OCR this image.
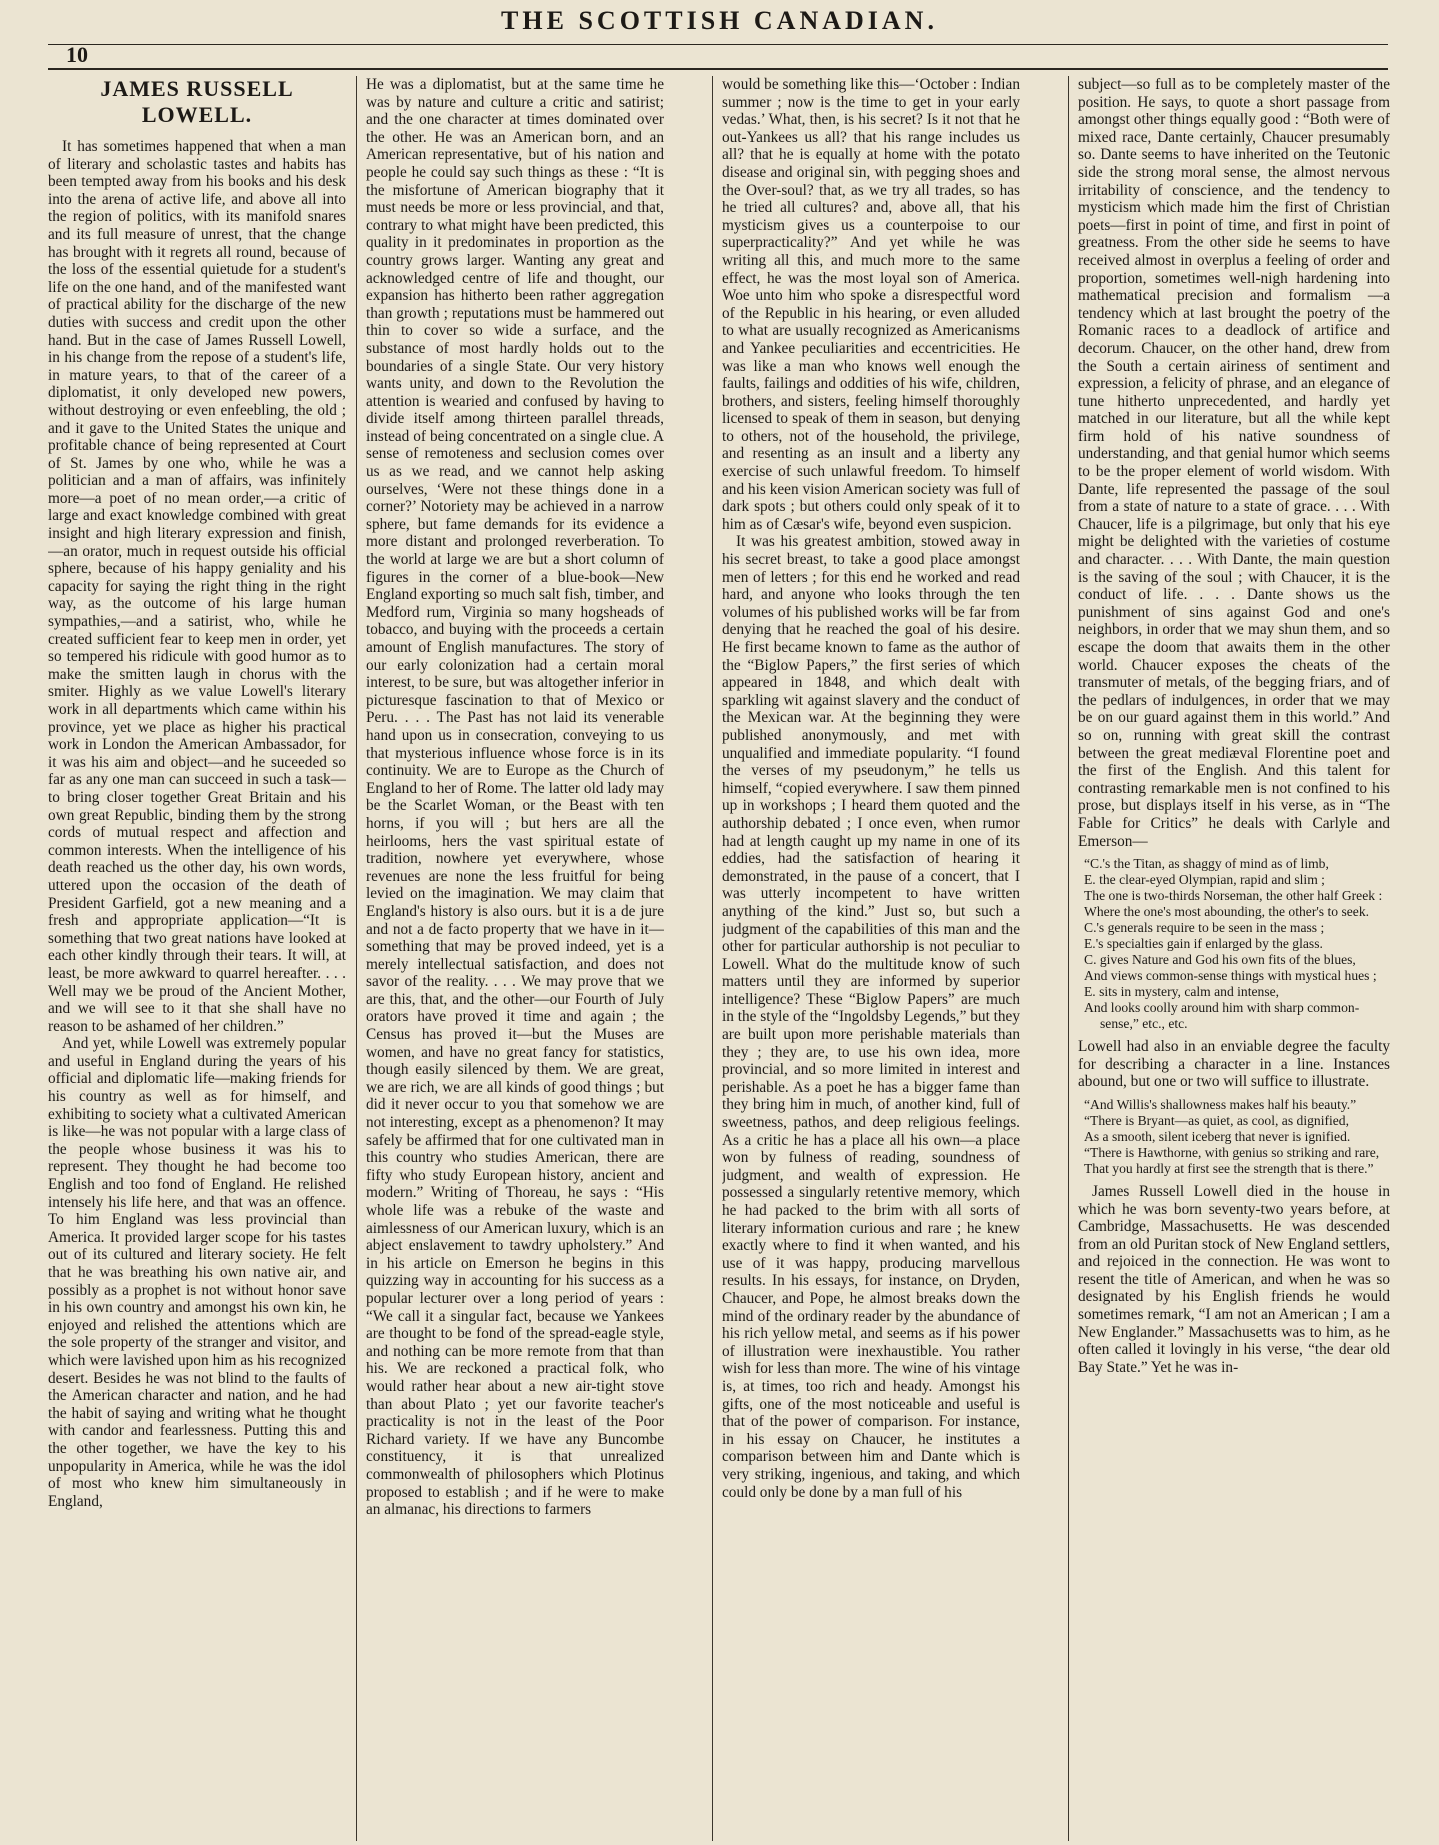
THE SCOTTISH CANADIAN.
10
JAMES RUSSELL LOWELL.

It has sometimes happened that when a man of literary and scholastic tastes and habits has been tempted away from his books and his desk into the arena of active life, and above all into the region of politics, with its manifold snares and its full measure of unrest, that the change has brought with it regrets all round, because of the loss of the essential quietude for a student's life on the one hand, and of the manifested want of practical ability for the discharge of the new duties with success and credit upon the other hand. But in the case of James Russell Lowell, in his change from the repose of a student's life, in mature years, to that of the career of a diplomatist, it only developed new powers, without destroying or even enfeebling, the old ; and it gave to the United States the unique and profitable chance of being represented at Court of St. James by one who, while he was a politician and a man of affairs, was infinitely more—a poet of no mean order,—a critic of large and exact knowledge combined with great insight and high literary expression and finish, —an orator, much in request outside his official sphere, because of his happy geniality and his capacity for saying the right thing in the right way, as the outcome of his large human sympathies,—and a satirist, who, while he created sufficient fear to keep men in order, yet so tempered his ridicule with good humor as to make the smitten laugh in chorus with the smiter. Highly as we value Lowell's literary work in all departments which came within his province, yet we place as higher his practical work in London the American Ambassador, for it was his aim and object—and he suceeded so far as any one man can succeed in such a task—to bring closer together Great Britain and his own great Republic, binding them by the strong cords of mutual respect and affection and common interests. When the intelligence of his death reached us the other day, his own words, uttered upon the occasion of the death of President Garfield, got a new meaning and a fresh and appropriate application—“It is something that two great nations have looked at each other kindly through their tears. It will, at least, be more awkward to quarrel hereafter. . . . Well may we be proud of the Ancient Mother, and we will see to it that she shall have no reason to be ashamed of her children.”

And yet, while Lowell was extremely popular and useful in England during the years of his official and diplomatic life—making friends for his country as well as for himself, and exhibiting to society what a cultivated American is like—he was not popular with a large class of the people whose business it was his to represent. They thought he had become too English and too fond of England. He relished intensely his life here, and that was an offence. To him England was less provincial than America. It provided larger scope for his tastes out of its cultured and literary society. He felt that he was breathing his own native air, and possibly as a prophet is not without honor save in his own country and amongst his own kin, he enjoyed and relished the attentions which are the sole property of the stranger and visitor, and which were lavished upon him as his recognized desert. Besides he was not blind to the faults of the American character and nation, and he had the habit of saying and writing what he thought with candor and fearlessness. Putting this and the other together, we have the key to his unpopularity in America, while he was the idol of most who knew him simultaneously in England,

He was a diplomatist, but at the same time he was by nature and culture a critic and satirist; and the one character at times dominated over the other. He was an American born, and an American representative, but of his nation and people he could say such things as these : “It is the misfortune of American biography that it must needs be more or less provincial, and that, contrary to what might have been predicted, this quality in it predominates in proportion as the country grows larger. Wanting any great and acknowledged centre of life and thought, our expansion has hitherto been rather aggregation than growth ; reputations must be hammered out thin to cover so wide a surface, and the substance of most hardly holds out to the boundaries of a single State. Our very history wants unity, and down to the Revolution the attention is wearied and confused by having to divide itself among thirteen parallel threads, instead of being concentrated on a single clue. A sense of remoteness and seclusion comes over us as we read, and we cannot help asking ourselves, ‘Were not these things done in a corner?’ Notoriety may be achieved in a narrow sphere, but fame demands for its evidence a more distant and prolonged reverberation. To the world at large we are but a short column of figures in the corner of a blue-book—New England exporting so much salt fish, timber, and Medford rum, Virginia so many hogsheads of tobacco, and buying with the proceeds a certain amount of English manufactures. The story of our early colonization had a certain moral interest, to be sure, but was altogether inferior in picturesque fascination to that of Mexico or Peru. . . . The Past has not laid its venerable hand upon us in consecration, conveying to us that mysterious influence whose force is in its continuity. We are to Europe as the Church of England to her of Rome. The latter old lady may be the Scarlet Woman, or the Beast with ten horns, if you will ; but hers are all the heirlooms, hers the vast spiritual estate of tradition, nowhere yet everywhere, whose revenues are none the less fruitful for being levied on the imagination. We may claim that England's history is also ours. but it is a de jure and not a de facto property that we have in it—something that may be proved indeed, yet is a merely intellectual satisfaction, and does not savor of the reality. . . . We may prove that we are this, that, and the other—our Fourth of July orators have proved it time and again ; the Census has proved it—but the Muses are women, and have no great fancy for statistics, though easily silenced by them. We are great, we are rich, we are all kinds of good things ; but did it never occur to you that somehow we are not interesting, except as a phenomenon? It may safely be affirmed that for one cultivated man in this country who studies American, there are fifty who study European history, ancient and modern.” Writing of Thoreau, he says : “His whole life was a rebuke of the waste and aimlessness of our American luxury, which is an abject enslavement to tawdry upholstery.” And in his article on Emerson he begins in this quizzing way in accounting for his success as a popular lecturer over a long period of years : “We call it a singular fact, because we Yankees are thought to be fond of the spread-eagle style, and nothing can be more remote from that than his. We are reckoned a practical folk, who would rather hear about a new air-tight stove than about Plato ; yet our favorite teacher's practicality is not in the least of the Poor Richard variety. If we have any Buncombe constituency, it is that unrealized commonwealth of philosophers which Plotinus proposed to establish ; and if he were to make an almanac, his directions to farmers

would be something like this—‘October : Indian summer ; now is the time to get in your early vedas.’ What, then, is his secret? Is it not that he out-Yankees us all? that his range includes us all? that he is equally at home with the potato disease and original sin, with pegging shoes and the Over-soul? that, as we try all trades, so has he tried all cultures? and, above all, that his mysticism gives us a counterpoise to our superpracticality?” And yet while he was writing all this, and much more to the same effect, he was the most loyal son of America. Woe unto him who spoke a disrespectful word of the Republic in his hearing, or even alluded to what are usually recognized as Americanisms and Yankee peculiarities and eccentricities. He was like a man who knows well enough the faults, failings and oddities of his wife, children, brothers, and sisters, feeling himself thoroughly licensed to speak of them in season, but denying to others, not of the household, the privilege, and resenting as an insult and a liberty any exercise of such unlawful freedom. To himself and his keen vision American society was full of dark spots ; but others could only speak of it to him as of Cæsar's wife, beyond even suspicion.

It was his greatest ambition, stowed away in his secret breast, to take a good place amongst men of letters ; for this end he worked and read hard, and anyone who looks through the ten volumes of his published works will be far from denying that he reached the goal of his desire. He first became known to fame as the author of the “Biglow Papers,” the first series of which appeared in 1848, and which dealt with sparkling wit against slavery and the conduct of the Mexican war. At the beginning they were published anonymously, and met with unqualified and immediate popularity. “I found the verses of my pseudonym,” he tells us himself, “copied everywhere. I saw them pinned up in workshops ; I heard them quoted and the authorship debated ; I once even, when rumor had at length caught up my name in one of its eddies, had the satisfaction of hearing it demonstrated, in the pause of a concert, that I was utterly incompetent to have written anything of the kind.” Just so, but such a judgment of the capabilities of this man and the other for particular authorship is not peculiar to Lowell. What do the multitude know of such matters until they are informed by superior intelligence? These “Biglow Papers” are much in the style of the “Ingoldsby Legends,” but they are built upon more perishable materials than they ; they are, to use his own idea, more provincial, and so more limited in interest and perishable. As a poet he has a bigger fame than they bring him in much, of another kind, full of sweetness, pathos, and deep religious feelings. As a critic he has a place all his own—a place won by fulness of reading, soundness of judgment, and wealth of expression. He possessed a singularly retentive memory, which he had packed to the brim with all sorts of literary information curious and rare ; he knew exactly where to find it when wanted, and his use of it was happy, producing marvellous results. In his essays, for instance, on Dryden, Chaucer, and Pope, he almost breaks down the mind of the ordinary reader by the abundance of his rich yellow metal, and seems as if his power of illustration were inexhaustible. You rather wish for less than more. The wine of his vintage is, at times, too rich and heady. Amongst his gifts, one of the most noticeable and useful is that of the power of comparison. For instance, in his essay on Chaucer, he institutes a comparison between him and Dante which is very striking, ingenious, and taking, and which could only be done by a man full of his

subject—so full as to be completely master of the position. He says, to quote a short passage from amongst other things equally good : “Both were of mixed race, Dante certainly, Chaucer presumably so. Dante seems to have inherited on the Teutonic side the strong moral sense, the almost nervous irritability of conscience, and the tendency to mysticism which made him the first of Christian poets—first in point of time, and first in point of greatness. From the other side he seems to have received almost in overplus a feeling of order and proportion, sometimes well-nigh hardening into mathematical precision and formalism —a tendency which at last brought the poetry of the Romanic races to a deadlock of artifice and decorum. Chaucer, on the other hand, drew from the South a certain airiness of sentiment and expression, a felicity of phrase, and an elegance of tune hitherto unprecedented, and hardly yet matched in our literature, but all the while kept firm hold of his native soundness of understanding, and that genial humor which seems to be the proper element of world wisdom. With Dante, life represented the passage of the soul from a state of nature to a state of grace. . . . With Chaucer, life is a pilgrimage, but only that his eye might be delighted with the varieties of costume and character. . . . With Dante, the main question is the saving of the soul ; with Chaucer, it is the conduct of life. . . . Dante shows us the punishment of sins against God and one's neighbors, in order that we may shun them, and so escape the doom that awaits them in the other world. Chaucer exposes the cheats of the transmuter of metals, of the begging friars, and of the pedlars of indulgences, in order that we may be on our guard against them in this world.” And so on, running with great skill the contrast between the great mediæval Florentine poet and the first of the English. And this talent for contrasting remarkable men is not confined to his prose, but displays itself in his verse, as in “The Fable for Critics” he deals with Carlyle and Emerson—

“C.'s the Titan, as shaggy of mind as of limb,
E. the clear-eyed Olympian, rapid and slim ;
The one is two-thirds Norseman, the other half Greek :
Where the one's most abounding, the other's to seek.
C.'s generals require to be seen in the mass ;
E.'s specialties gain if enlarged by the glass.
C. gives Nature and God his own fits of the blues,
And views common-sense things with mystical hues ;
E. sits in mystery, calm and intense,
And looks coolly around him with sharp common-sense,” etc., etc.

Lowell had also in an enviable degree the faculty for describing a character in a line. Instances abound, but one or two will suffice to illustrate.

“And Willis's shallowness makes half his beauty.”
“There is Bryant—as quiet, as cool, as dignified,
As a smooth, silent iceberg that never is ignified.
“There is Hawthorne, with genius so striking and rare,
That you hardly at first see the strength that is there.”

James Russell Lowell died in the house in which he was born seventy-two years before, at Cambridge, Massachusetts. He was descended from an old Puritan stock of New England settlers, and rejoiced in the connection. He was wont to resent the title of American, and when he was so designated by his English friends he would sometimes remark, “I am not an American ; I am a New Englander.” Massachusetts was to him, as he often called it lovingly in his verse, “the dear old Bay State.” Yet he was in-
